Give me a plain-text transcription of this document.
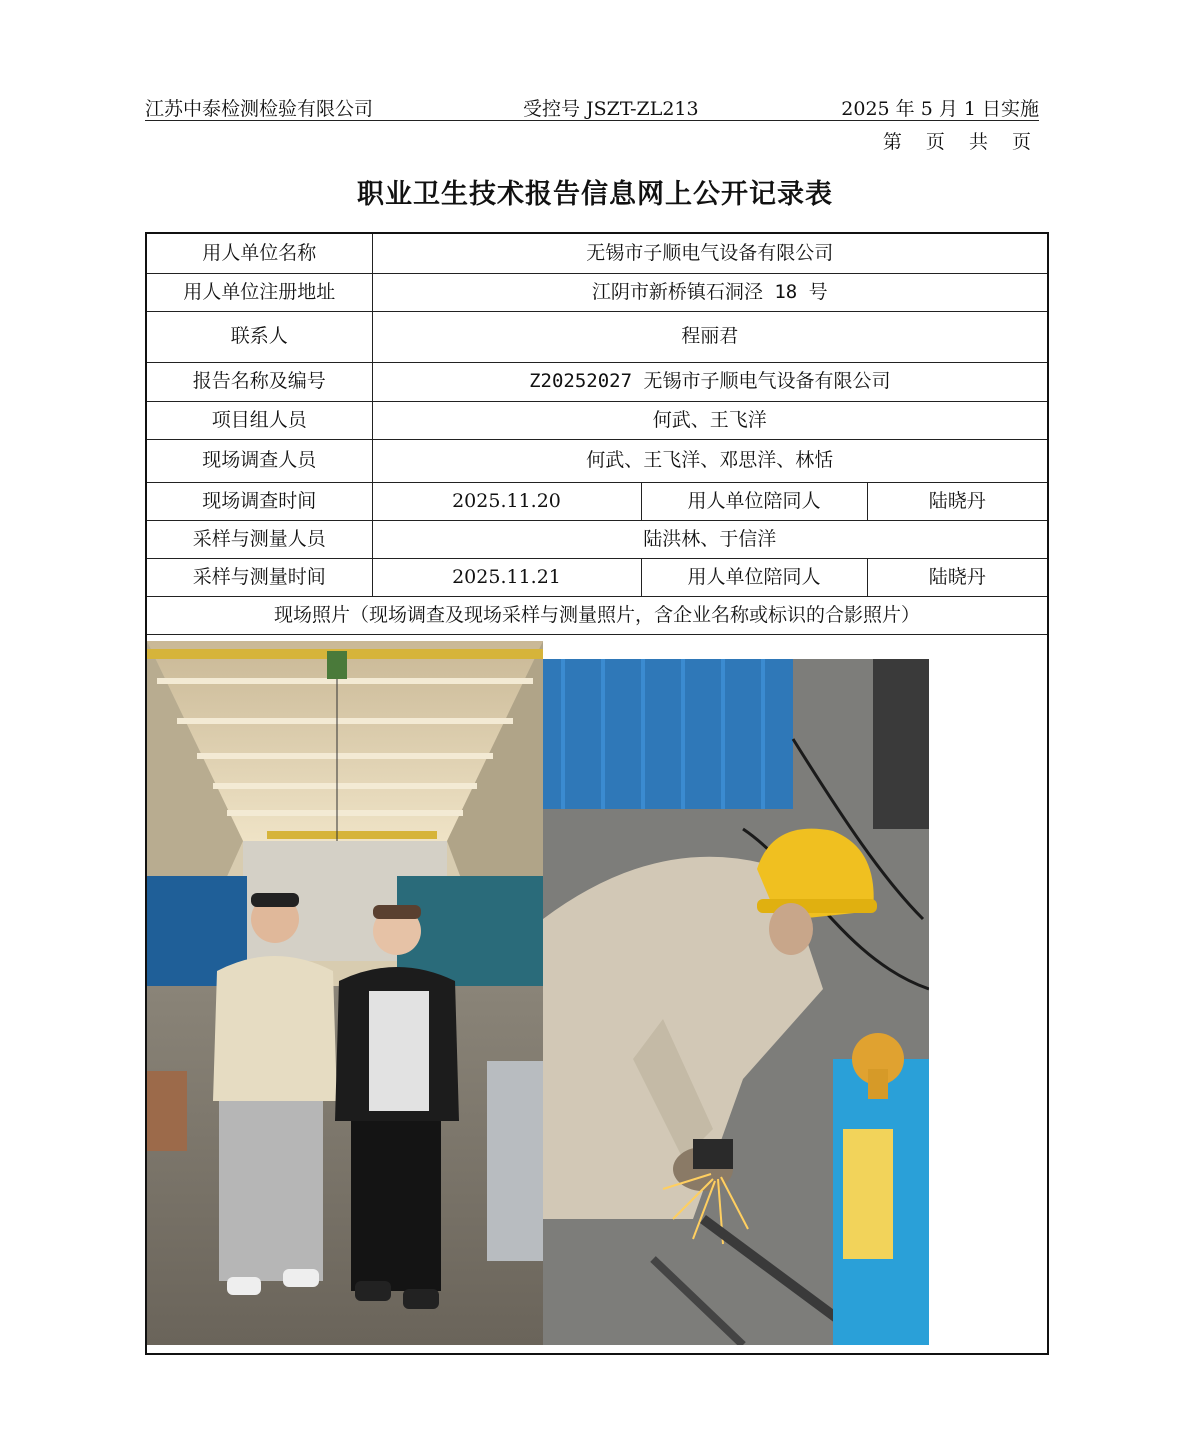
江苏中泰检测检验有限公司	受控号 JSZT-ZL213	2025 年 5 月 1 日实施
第 页 共 页
职业卫生技术报告信息网上公开记录表
用人单位名称	无锡市子顺电气设备有限公司		
用人单位注册地址	江阴市新桥镇石洞泾 18 号		
联系人	程丽君		
报告名称及编号	Z20252027 无锡市子顺电气设备有限公司		
项目组人员	何武、王飞洋		
现场调查人员	何武、王飞洋、邓思洋、林恬		
现场调查时间	2025.11.20	用人单位陪同人	陆晓丹
采样与测量人员	陆洪林、于信洋		
采样与测量时间	2025.11.21	用人单位陪同人	陆晓丹
现场照片（现场调查及现场采样与测量照片，含企业名称或标识的合影照片）			
